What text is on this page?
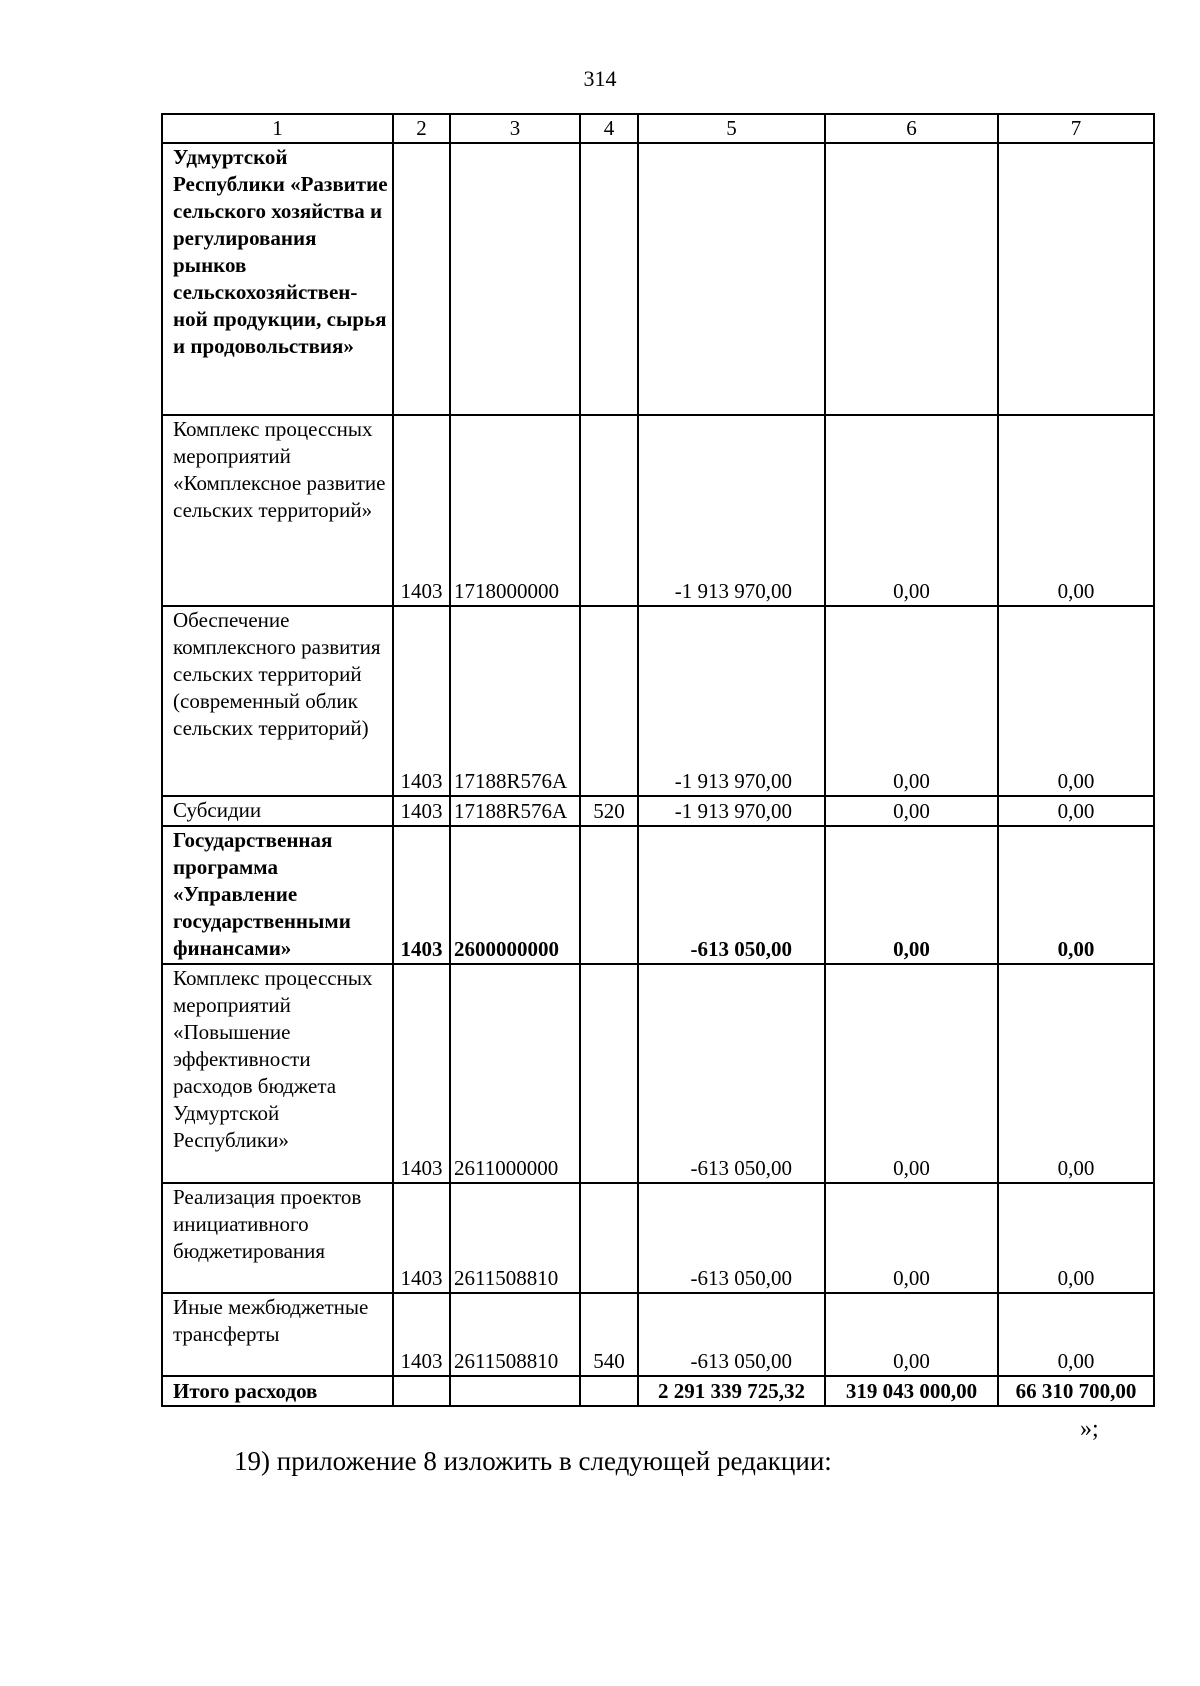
314
1	2	3	4	5	6	7
Удмуртской Республики «Развитие сельского хозяйства и регулирования рынков сельскохозяйствен-ной продукции, сырья и продовольствия»						
Комплекс процессных мероприятий «Комплексное развитие сельских территорий»	1403	1718000000		-1 913 970,00	0,00	0,00
Обеспечение комплексного развития сельских территорий (современный облик сельских территорий)	1403	17188R576A		-1 913 970,00	0,00	0,00
Субсидии	1403	17188R576A	520	-1 913 970,00	0,00	0,00
Государственная программа «Управление государственными финансами»	1403	2600000000		-613 050,00	0,00	0,00
Комплекс процессных мероприятий «Повышение эффективности расходов бюджета Удмуртской Республики»	1403	2611000000		-613 050,00	0,00	0,00
Реализация проектов инициативного бюджетирования	1403	2611508810		-613 050,00	0,00	0,00
Иные межбюджетные трансферты	1403	2611508810	540	-613 050,00	0,00	0,00
Итого расходов				2 291 339 725,32	319 043 000,00	66 310 700,00
»;
19) приложение 8 изложить в следующей редакции:
